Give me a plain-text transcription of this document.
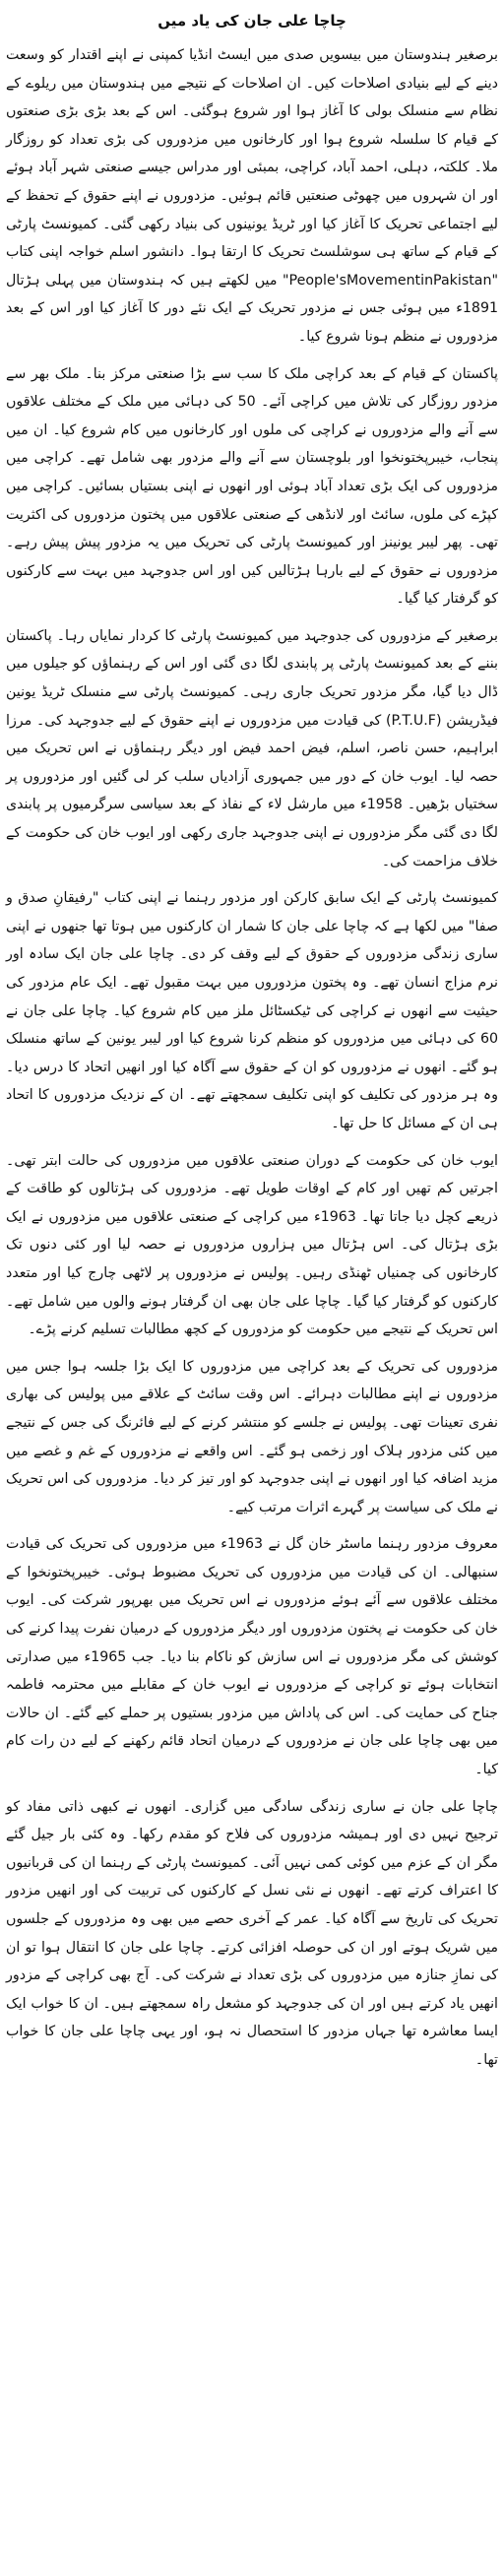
چاچا علی جان کی یاد میں

برصغیر ہندوستان میں بیسویں صدی میں ایسٹ انڈیا کمپنی نے اپنے اقتدار کو وسعت دینے کے لیے بنیادی اصلاحات کیں۔ ان اصلاحات کے نتیجے میں ہندوستان میں ریلوے کے نظام سے منسلک بولی کا آغاز ہوا اور شروع ہوگئی۔ اس کے بعد بڑی بڑی صنعتوں کے قیام کا سلسلہ شروع ہوا اور کارخانوں میں مزدوروں کی بڑی تعداد کو روزگار ملا۔ کلکتہ، دہلی، احمد آباد، کراچی، بمبئی اور مدراس جیسے صنعتی شہر آباد ہوئے اور ان شہروں میں چھوٹی صنعتیں قائم ہوئیں۔ مزدوروں نے اپنے حقوق کے تحفظ کے لیے اجتماعی تحریک کا آغاز کیا اور ٹریڈ یونینوں کی بنیاد رکھی گئی۔ کمیونسٹ پارٹی کے قیام کے ساتھ ہی سوشلسٹ تحریک کا ارتقا ہوا۔ دانشور اسلم خواجہ اپنی کتاب "People'sMovementinPakistan" میں لکھتے ہیں کہ ہندوستان میں پہلی ہڑتال 1891ء میں ہوئی جس نے مزدور تحریک کے ایک نئے دور کا آغاز کیا اور اس کے بعد مزدوروں نے منظم ہونا شروع کیا۔

پاکستان کے قیام کے بعد کراچی ملک کا سب سے بڑا صنعتی مرکز بنا۔ ملک بھر سے مزدور روزگار کی تلاش میں کراچی آئے۔ 50 کی دہائی میں ملک کے مختلف علاقوں سے آنے والے مزدوروں نے کراچی کی ملوں اور کارخانوں میں کام شروع کیا۔ ان میں پنجاب، خیبرپختونخوا اور بلوچستان سے آنے والے مزدور بھی شامل تھے۔ کراچی میں مزدوروں کی ایک بڑی تعداد آباد ہوئی اور انھوں نے اپنی بستیاں بسائیں۔ کراچی میں کپڑے کی ملوں، سائٹ اور لانڈھی کے صنعتی علاقوں میں پختون مزدوروں کی اکثریت تھی۔ پھر لیبر یونینز اور کمیونسٹ پارٹی کی تحریک میں یہ مزدور پیش پیش رہے۔ مزدوروں نے حقوق کے لیے بارہا ہڑتالیں کیں اور اس جدوجہد میں بہت سے کارکنوں کو گرفتار کیا گیا۔

برصغیر کے مزدوروں کی جدوجہد میں کمیونسٹ پارٹی کا کردار نمایاں رہا۔ پاکستان بننے کے بعد کمیونسٹ پارٹی پر پابندی لگا دی گئی اور اس کے رہنماؤں کو جیلوں میں ڈال دیا گیا، مگر مزدور تحریک جاری رہی۔ کمیونسٹ پارٹی سے منسلک ٹریڈ یونین فیڈریشن (P.T.U.F) کی قیادت میں مزدوروں نے اپنے حقوق کے لیے جدوجہد کی۔ مرزا ابراہیم، حسن ناصر، اسلم، فیض احمد فیض اور دیگر رہنماؤں نے اس تحریک میں حصہ لیا۔ ایوب خان کے دور میں جمہوری آزادیاں سلب کر لی گئیں اور مزدوروں پر سختیاں بڑھیں۔ 1958ء میں مارشل لاء کے نفاذ کے بعد سیاسی سرگرمیوں پر پابندی لگا دی گئی مگر مزدوروں نے اپنی جدوجہد جاری رکھی اور ایوب خان کی حکومت کے خلاف مزاحمت کی۔

کمیونسٹ پارٹی کے ایک سابق کارکن اور مزدور رہنما نے اپنی کتاب "رفیقانِ صدق و صفا" میں لکھا ہے کہ چاچا علی جان کا شمار ان کارکنوں میں ہوتا تھا جنھوں نے اپنی ساری زندگی مزدوروں کے حقوق کے لیے وقف کر دی۔ چاچا علی جان ایک سادہ اور نرم مزاج انسان تھے۔ وہ پختون مزدوروں میں بہت مقبول تھے۔ ایک عام مزدور کی حیثیت سے انھوں نے کراچی کی ٹیکسٹائل ملز میں کام شروع کیا۔ چاچا علی جان نے 60 کی دہائی میں مزدوروں کو منظم کرنا شروع کیا اور لیبر یونین کے ساتھ منسلک ہو گئے۔ انھوں نے مزدوروں کو ان کے حقوق سے آگاہ کیا اور انھیں اتحاد کا درس دیا۔ وہ ہر مزدور کی تکلیف کو اپنی تکلیف سمجھتے تھے۔ ان کے نزدیک مزدوروں کا اتحاد ہی ان کے مسائل کا حل تھا۔

ایوب خان کی حکومت کے دوران صنعتی علاقوں میں مزدوروں کی حالت ابتر تھی۔ اجرتیں کم تھیں اور کام کے اوقات طویل تھے۔ مزدوروں کی ہڑتالوں کو طاقت کے ذریعے کچل دیا جاتا تھا۔ 1963ء میں کراچی کے صنعتی علاقوں میں مزدوروں نے ایک بڑی ہڑتال کی۔ اس ہڑتال میں ہزاروں مزدوروں نے حصہ لیا اور کئی دنوں تک کارخانوں کی چمنیاں ٹھنڈی رہیں۔ پولیس نے مزدوروں پر لاٹھی چارج کیا اور متعدد کارکنوں کو گرفتار کیا گیا۔ چاچا علی جان بھی ان گرفتار ہونے والوں میں شامل تھے۔ اس تحریک کے نتیجے میں حکومت کو مزدوروں کے کچھ مطالبات تسلیم کرنے پڑے۔

مزدوروں کی تحریک کے بعد کراچی میں مزدوروں کا ایک بڑا جلسہ ہوا جس میں مزدوروں نے اپنے مطالبات دہرائے۔ اس وقت سائٹ کے علاقے میں پولیس کی بھاری نفری تعینات تھی۔ پولیس نے جلسے کو منتشر کرنے کے لیے فائرنگ کی جس کے نتیجے میں کئی مزدور ہلاک اور زخمی ہو گئے۔ اس واقعے نے مزدوروں کے غم و غصے میں مزید اضافہ کیا اور انھوں نے اپنی جدوجہد کو اور تیز کر دیا۔ مزدوروں کی اس تحریک نے ملک کی سیاست پر گہرے اثرات مرتب کیے۔

معروف مزدور رہنما ماسٹر خان گل نے 1963ء میں مزدوروں کی تحریک کی قیادت سنبھالی۔ ان کی قیادت میں مزدوروں کی تحریک مضبوط ہوئی۔ خیبرپختونخوا کے مختلف علاقوں سے آئے ہوئے مزدوروں نے اس تحریک میں بھرپور شرکت کی۔ ایوب خان کی حکومت نے پختون مزدوروں اور دیگر مزدوروں کے درمیان نفرت پیدا کرنے کی کوشش کی مگر مزدوروں نے اس سازش کو ناکام بنا دیا۔ جب 1965ء میں صدارتی انتخابات ہوئے تو کراچی کے مزدوروں نے ایوب خان کے مقابلے میں محترمہ فاطمہ جناح کی حمایت کی۔ اس کی پاداش میں مزدور بستیوں پر حملے کیے گئے۔ ان حالات میں بھی چاچا علی جان نے مزدوروں کے درمیان اتحاد قائم رکھنے کے لیے دن رات کام کیا۔

چاچا علی جان نے ساری زندگی سادگی میں گزاری۔ انھوں نے کبھی ذاتی مفاد کو ترجیح نہیں دی اور ہمیشہ مزدوروں کی فلاح کو مقدم رکھا۔ وہ کئی بار جیل گئے مگر ان کے عزم میں کوئی کمی نہیں آئی۔ کمیونسٹ پارٹی کے رہنما ان کی قربانیوں کا اعتراف کرتے تھے۔ انھوں نے نئی نسل کے کارکنوں کی تربیت کی اور انھیں مزدور تحریک کی تاریخ سے آگاہ کیا۔ عمر کے آخری حصے میں بھی وہ مزدوروں کے جلسوں میں شریک ہوتے اور ان کی حوصلہ افزائی کرتے۔ چاچا علی جان کا انتقال ہوا تو ان کی نمازِ جنازہ میں مزدوروں کی بڑی تعداد نے شرکت کی۔ آج بھی کراچی کے مزدور انھیں یاد کرتے ہیں اور ان کی جدوجہد کو مشعل راہ سمجھتے ہیں۔ ان کا خواب ایک ایسا معاشرہ تھا جہاں مزدور کا استحصال نہ ہو، اور یہی چاچا علی جان کا خواب تھا۔
